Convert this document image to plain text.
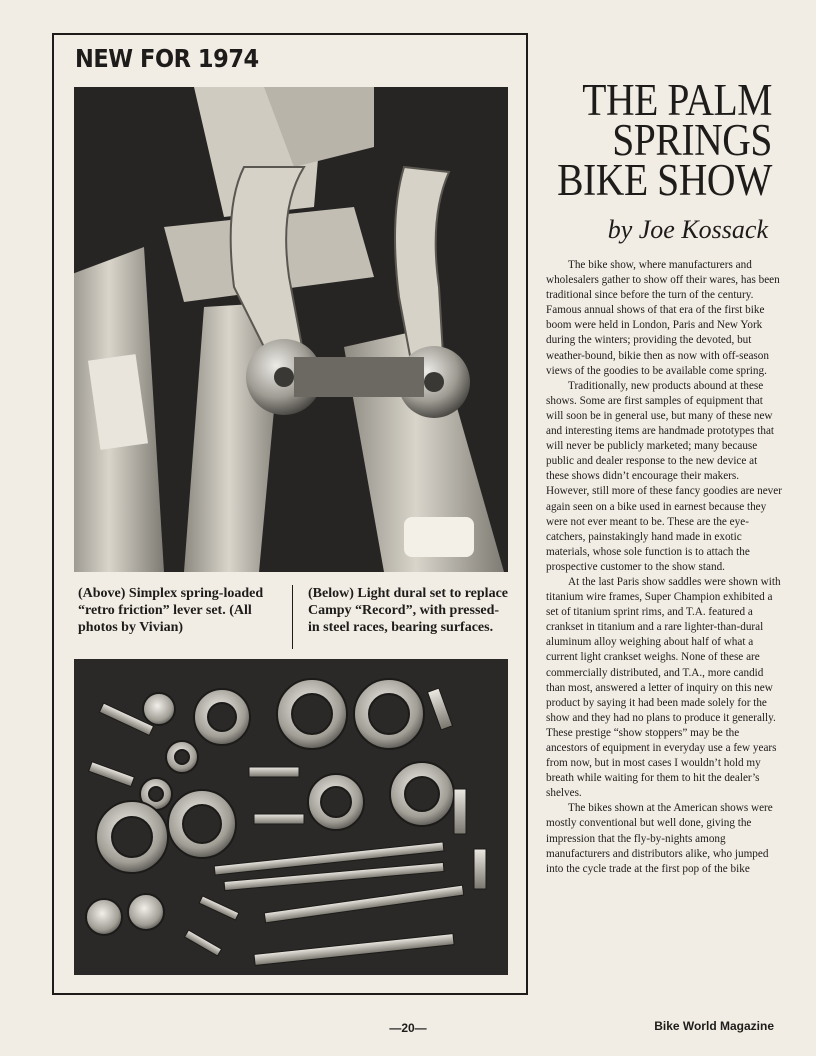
NEW FOR 1974

(Above) Simplex spring-loaded “retro friction” lever set. (All photos by Vivian)

(Below) Light dural set to replace Campy “Record”, with pressed-in steel races, bearing surfaces.

THE PALM SPRINGS BIKE SHOW

by Joe Kossack

The bike show, where manufacturers and wholesalers gather to show off their wares, has been traditional since before the turn of the century. Famous annual shows of that era of the first bike boom were held in London, Paris and New York during the winters; providing the devoted, but weather-bound, bikie then as now with off-season views of the goodies to be available come spring.

Traditionally, new products abound at these shows. Some are first samples of equipment that will soon be in general use, but many of these new and interesting items are handmade prototypes that will never be publicly marketed; many because public and dealer response to the new device at these shows didn’t encourage their makers. However, still more of these fancy goodies are never again seen on a bike used in earnest because they were not ever meant to be. These are the eye-catchers, painstakingly hand made in exotic materials, whose sole function is to attach the prospective customer to the show stand.

At the last Paris show saddles were shown with titanium wire frames, Super Champion exhibited a set of titanium sprint rims, and T.A. featured a crankset in titanium and a rare lighter-than-dural aluminum alloy weighing about half of what a current light crankset weighs. None of these are commercially distributed, and T.A., more candid than most, answered a letter of inquiry on this new product by saying it had been made solely for the show and they had no plans to produce it generally. These prestige “show stoppers” may be the ancestors of equipment in everyday use a few years from now, but in most cases I wouldn’t hold my breath while waiting for them to hit the dealer’s shelves.

The bikes shown at the American shows were mostly conventional but well done, giving the impression that the fly-by-nights among manufacturers and distributors alike, who jumped into the cycle trade at the first pop of the bike

—20—	Bike World Magazine
